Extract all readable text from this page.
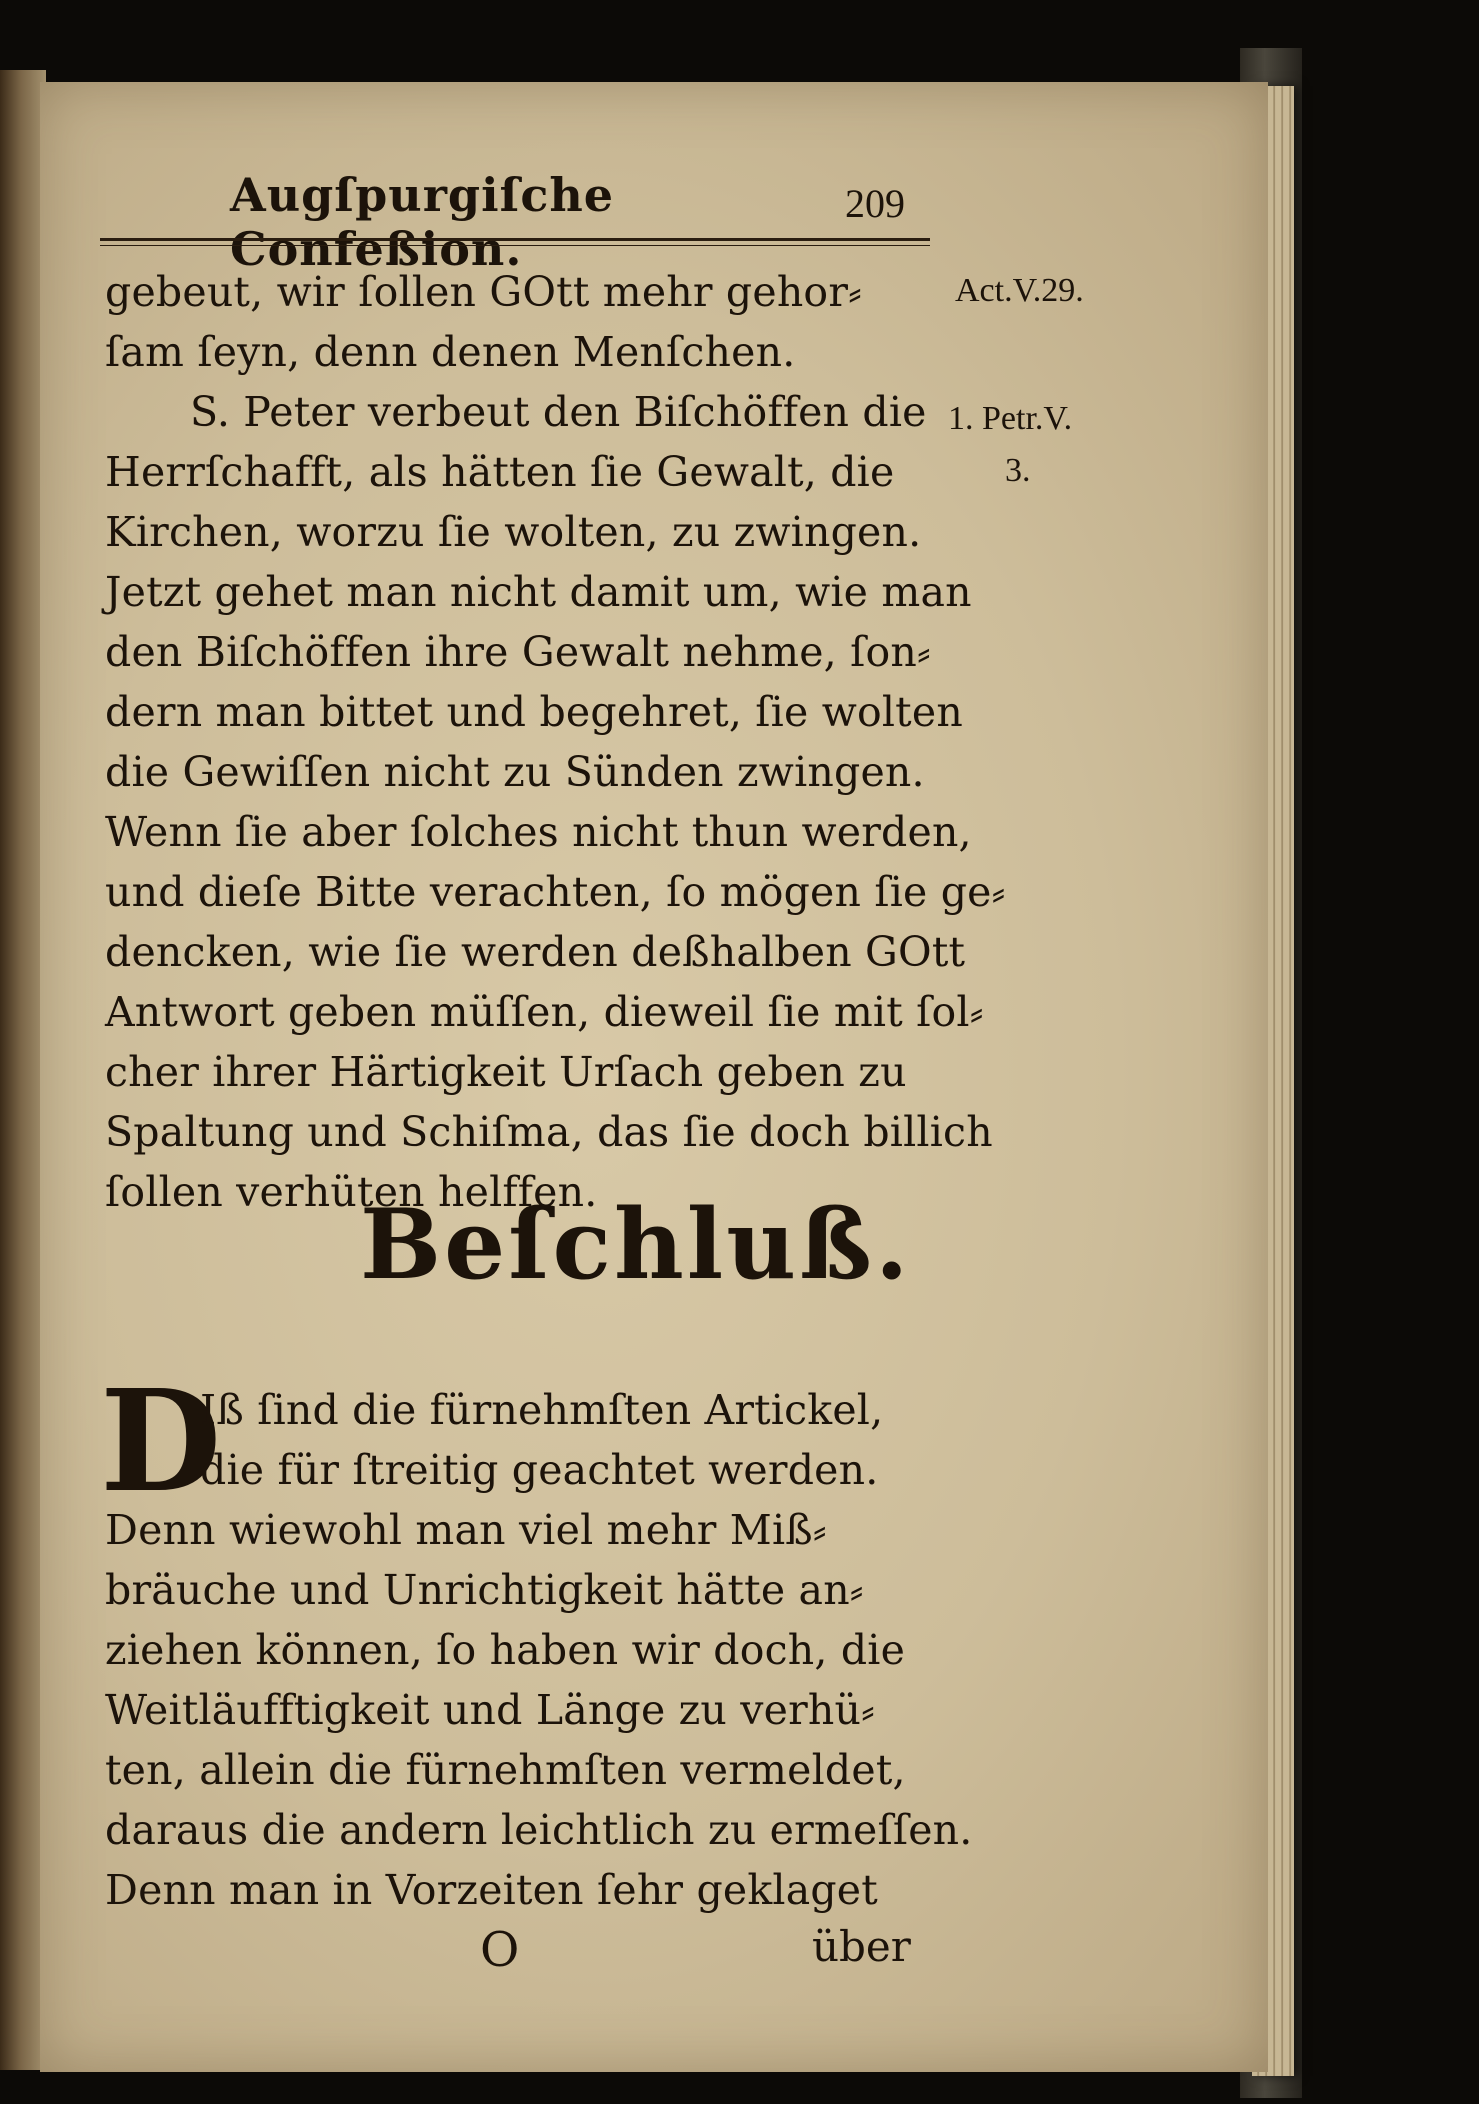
Augſpurgiſche Confeßion.
209
gebeut, wir ſollen GOtt mehr gehor⸗
ſam ſeyn, denn denen Menſchen.
S. Peter verbeut den Biſchöffen die
Herrſchafft, als hätten ſie Gewalt, die
Kirchen, worzu ſie wolten, zu zwingen.
Jetzt gehet man nicht damit um, wie man
den Biſchöffen ihre Gewalt nehme, ſon⸗
dern man bittet und begehret, ſie wolten
die Gewiſſen nicht zu Sünden zwingen.
Wenn ſie aber ſolches nicht thun werden,
und dieſe Bitte verachten, ſo mögen ſie ge⸗
dencken, wie ſie werden deßhalben GOtt
Antwort geben müſſen, dieweil ſie mit ſol⸗
cher ihrer Härtigkeit Urſach geben zu
Spaltung und Schiſma, das ſie doch billich
ſollen verhüten helffen.
Act.V.29.
1. Petr.V.
3.
Beſchluß.
D
Iß ſind die fürnehmſten Artickel,
die für ſtreitig geachtet werden.
Denn wiewohl man viel mehr Miß⸗
bräuche und Unrichtigkeit hätte an⸗
ziehen können, ſo haben wir doch, die
Weitläufftigkeit und Länge zu verhü⸗
ten, allein die fürnehmſten vermeldet,
daraus die andern leichtlich zu ermeſſen.
Denn man in Vorzeiten ſehr geklaget
O	über
